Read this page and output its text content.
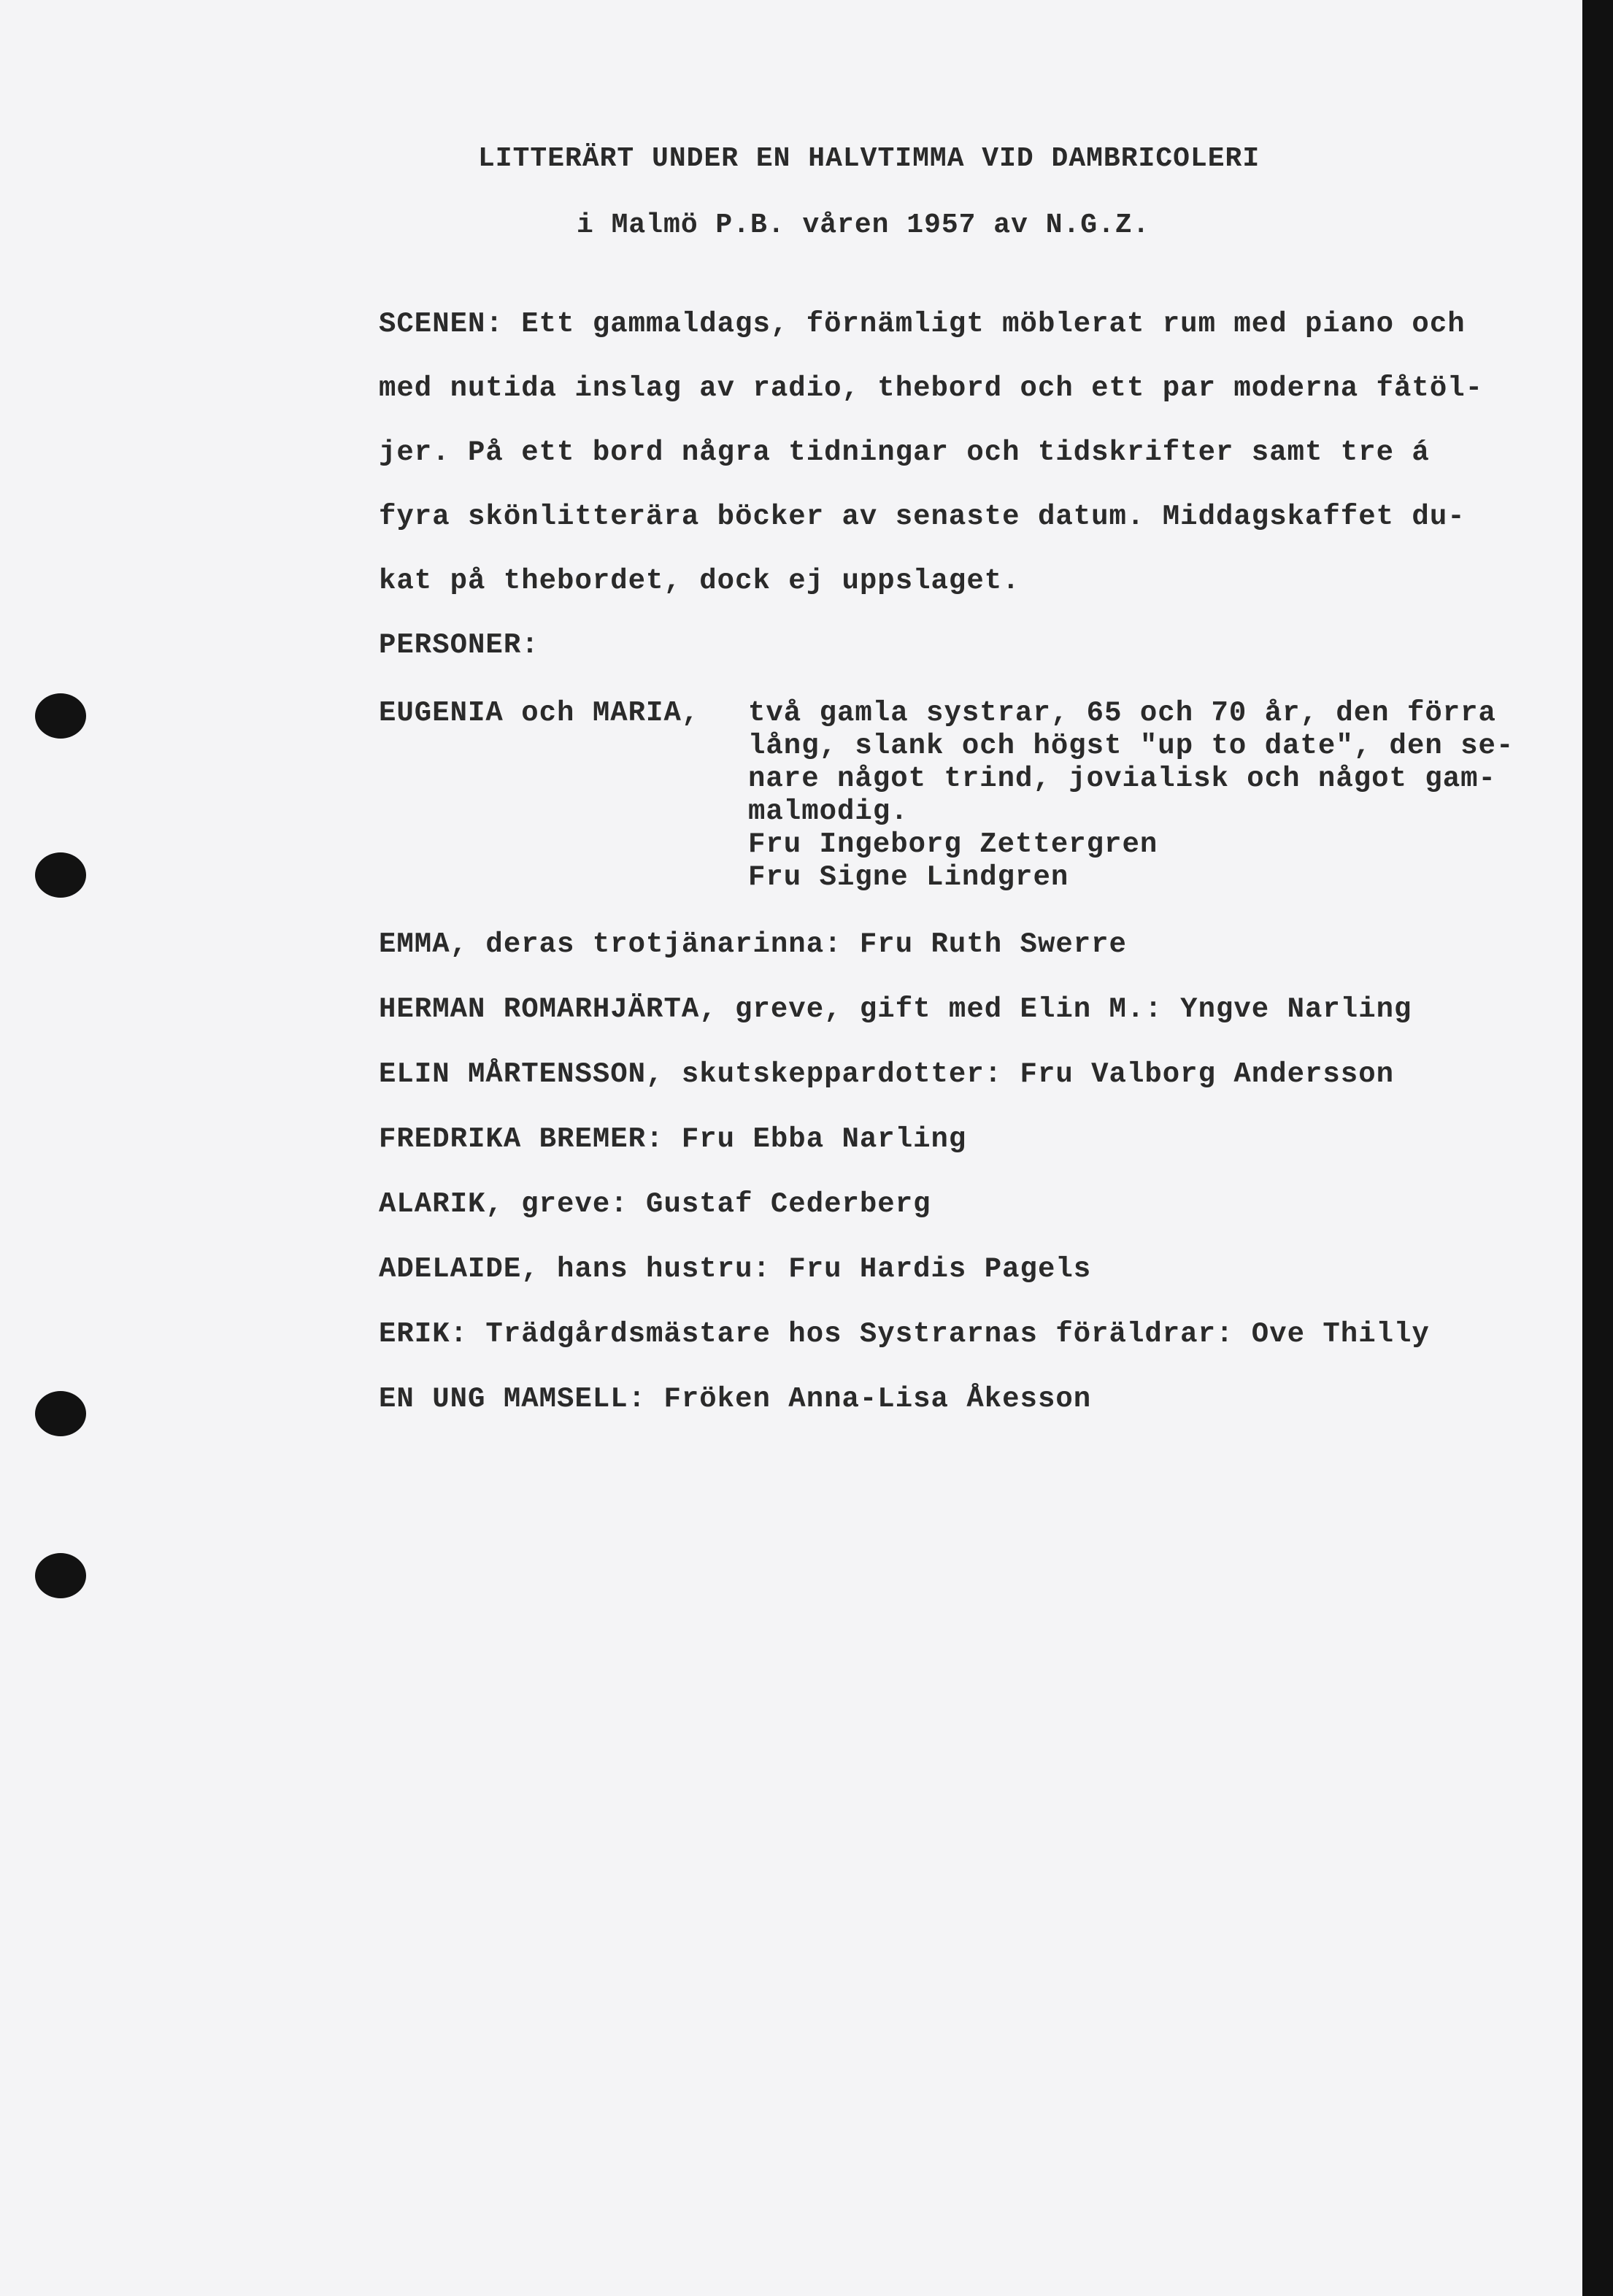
LITTERÄRT UNDER EN HALVTIMMA VID DAMBRICOLERI
i Malmö P.B. våren 1957 av N.G.Z.
SCENEN: Ett gammaldags, förnämligt möblerat rum med piano och
med nutida inslag av radio, thebord och ett par moderna fåtöl-
jer. På ett bord några tidningar och tidskrifter samt tre á
fyra skönlitterära böcker av senaste datum. Middagskaffet du-
kat på thebordet, dock ej uppslaget.
PERSONER:
EUGENIA och MARIA, två gamla systrar, 65 och 70 år, den förra
lång, slank och högst "up to date", den se-
nare något trind, jovialisk och något gam-
malmodig.
Fru Ingeborg Zettergren
Fru Signe Lindgren
EMMA, deras trotjänarinna: Fru Ruth Swerre
HERMAN ROMARHJÄRTA, greve, gift med Elin M.: Yngve Narling
ELIN MÅRTENSSON, skutskeppardotter: Fru Valborg Andersson
FREDRIKA BREMER: Fru Ebba Narling
ALARIK, greve: Gustaf Cederberg
ADELAIDE, hans hustru: Fru Hardis Pagels
ERIK: Trädgårdsmästare hos Systrarnas föräldrar: Ove Thilly
EN UNG MAMSELL: Fröken Anna-Lisa Åkesson
